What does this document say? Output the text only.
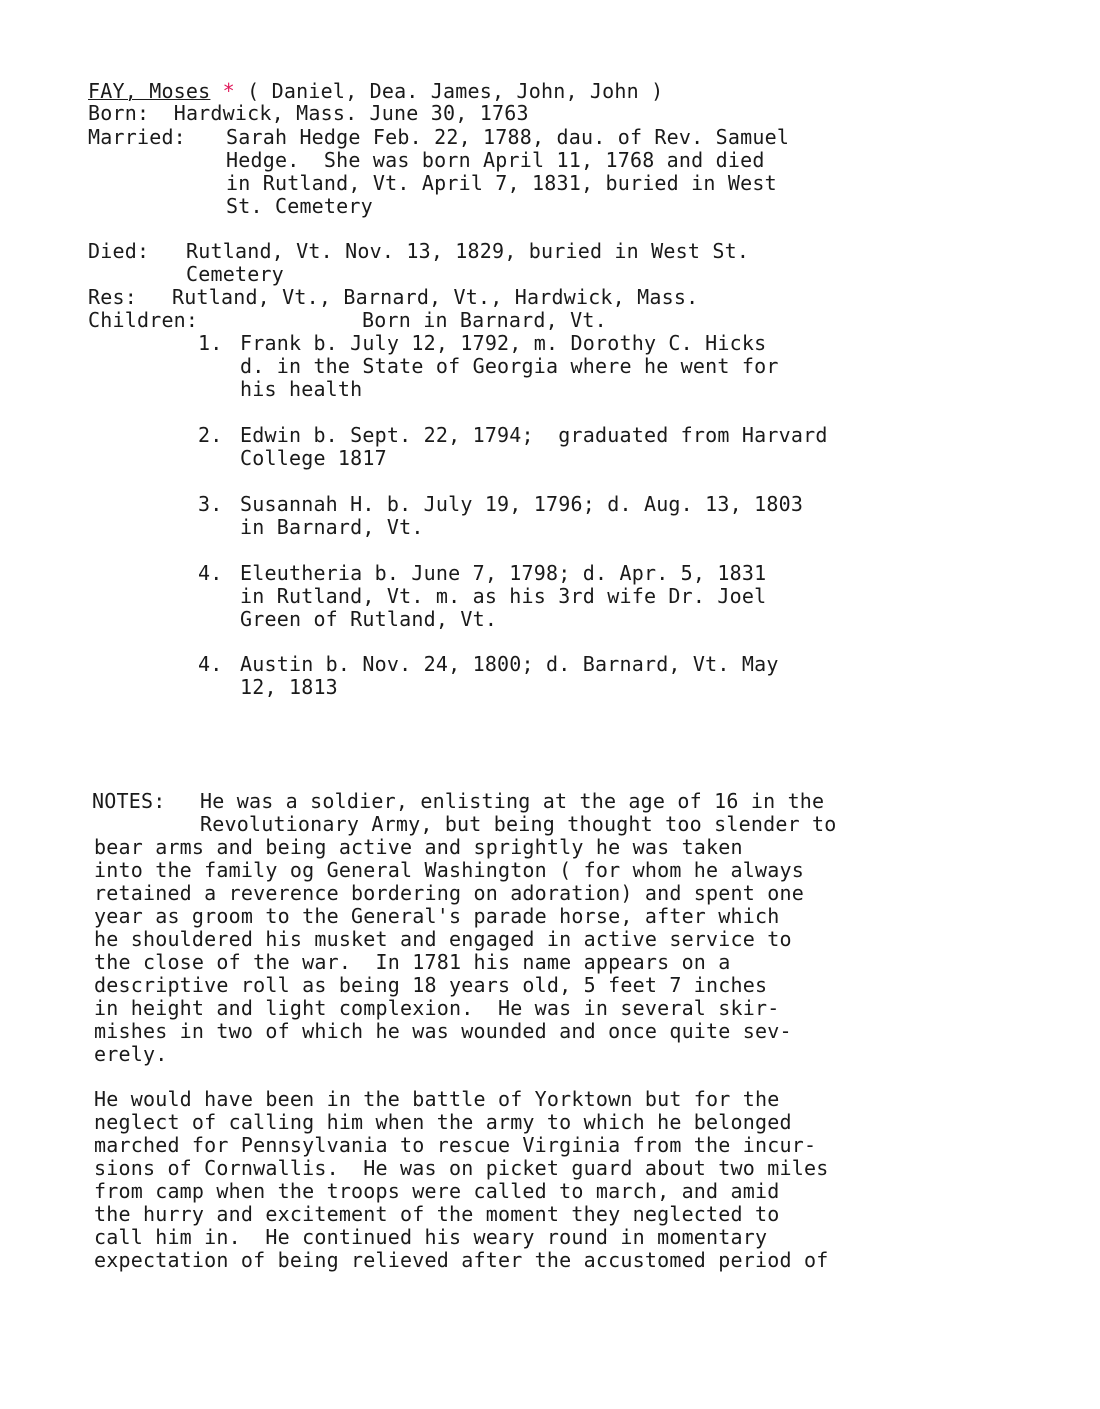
FAY, Moses * ( Daniel, Dea. James, John, John )
Born: Hardwick, Mass. June 30, 1763
Married: Sarah Hedge Feb. 22, 1788, dau. of Rev. Samuel
Hedge.  She was born April 11, 1768 and died
in Rutland, Vt. April 7, 1831, buried in West
St. Cemetery
Died: Rutland, Vt. Nov. 13, 1829, buried in West St.
Cemetery
Res: Rutland, Vt., Barnard, Vt., Hardwick, Mass.
Children:	Born in Barnard, Vt.
1. Frank b. July 12, 1792, m. Dorothy C. Hicks
d. in the State of Georgia where he went for
his health
2. Edwin b. Sept. 22, 1794;  graduated from Harvard
College 1817
3. Susannah H. b. July 19, 1796; d. Aug. 13, 1803
in Barnard, Vt.
4. Eleutheria b. June 7, 1798; d. Apr. 5, 1831
in Rutland, Vt. m. as his 3rd wife Dr. Joel
Green of Rutland, Vt.
4. Austin b. Nov. 24, 1800; d. Barnard, Vt. May
12, 1813
NOTES: He was a soldier, enlisting at the age of 16 in the
Revolutionary Army, but being thought too slender to
bear arms and being active and sprightly he was taken
into the family og General Washington ( for whom he always
retained a reverence bordering on adoration) and spent one
year as groom to the General's parade horse, after which
he shouldered his musket and engaged in active service to
the close of the war.  In 1781 his name appears on a
descriptive roll as being 18 years old, 5 feet 7 inches
in height and light complexion.  He was in several skir-
mishes in two of which he was wounded and once quite sev-
erely.
He would have been in the battle of Yorktown but for the
neglect of calling him when the army to which he belonged
marched for Pennsylvania to rescue Virginia from the incur-
sions of Cornwallis.  He was on picket guard about two miles
from camp when the troops were called to march, and amid
the hurry and excitement of the moment they neglected to
call him in.  He continued his weary round in momentary
expectation of being relieved after the accustomed period of
